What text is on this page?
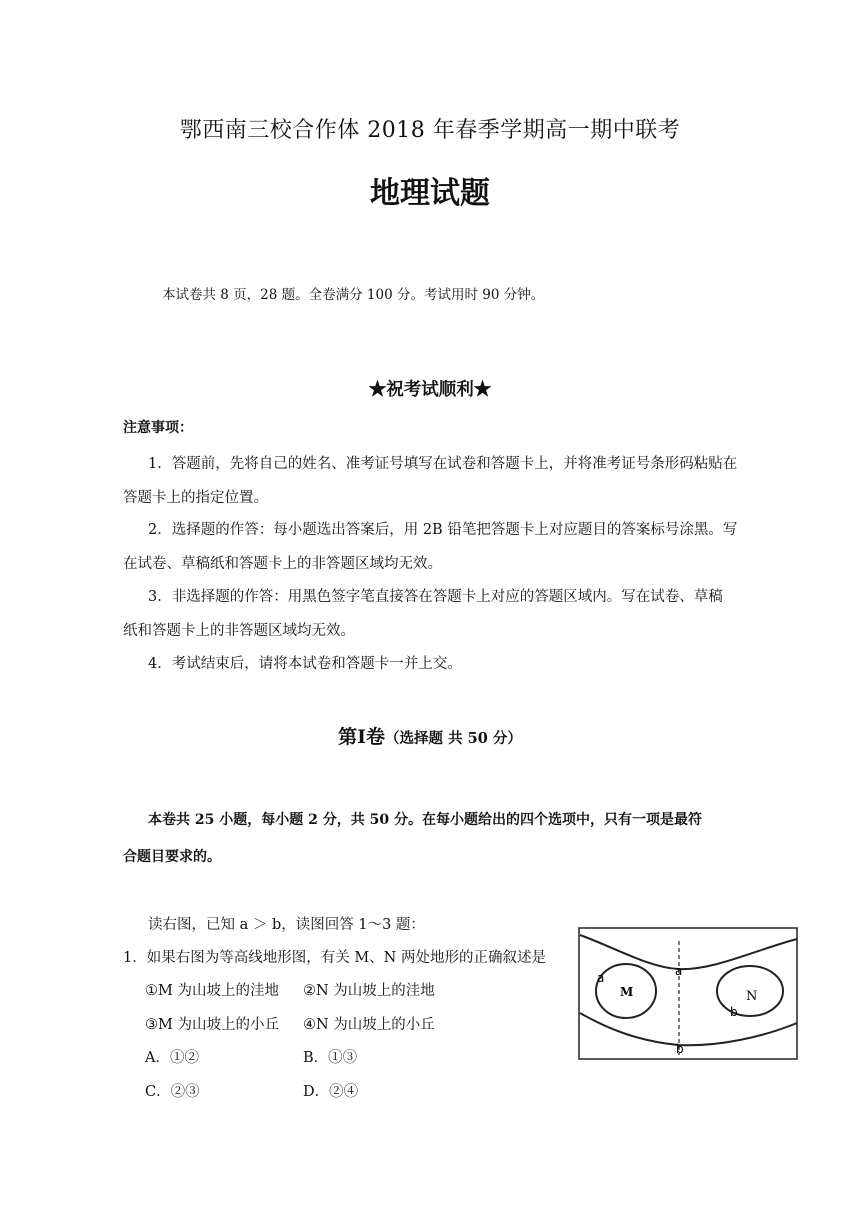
鄂西南三校合作体 2018 年春季学期高一期中联考
地理试题
本试卷共 8 页，28 题。全卷满分 100 分。考试用时 90 分钟。
★祝考试顺利★
注意事项：
1．答题前，先将自己的姓名、准考证号填写在试卷和答题卡上，并将准考证号条形码粘贴在
答题卡上的指定位置。
2．选择题的作答：每小题选出答案后，用 2B 铅笔把答题卡上对应题目的答案标号涂黑。写
在试卷、草稿纸和答题卡上的非答题区域均无效。
3．非选择题的作答：用黑色签字笔直接答在答题卡上对应的答题区域内。写在试卷、草稿
纸和答题卡上的非答题区域均无效。
4．考试结束后，请将本试卷和答题卡一并上交。
第Ⅰ卷（选择题 共 50 分）
本卷共 25 小题，每小题 2 分，共 50 分。在每小题给出的四个选项中，只有一项是最符
合题目要求的。
读右图，已知 a ＞ b，读图回答 1～3 题：
1．如果右图为等高线地形图，有关 M、N 两处地形的正确叙述是
①M 为山坡上的洼地 ②N 为山坡上的洼地
③M 为山坡上的小丘 ④N 为山坡上的小丘
A．①②	B．①③
C．②③	D．②④
a	a
M	N
b
b
